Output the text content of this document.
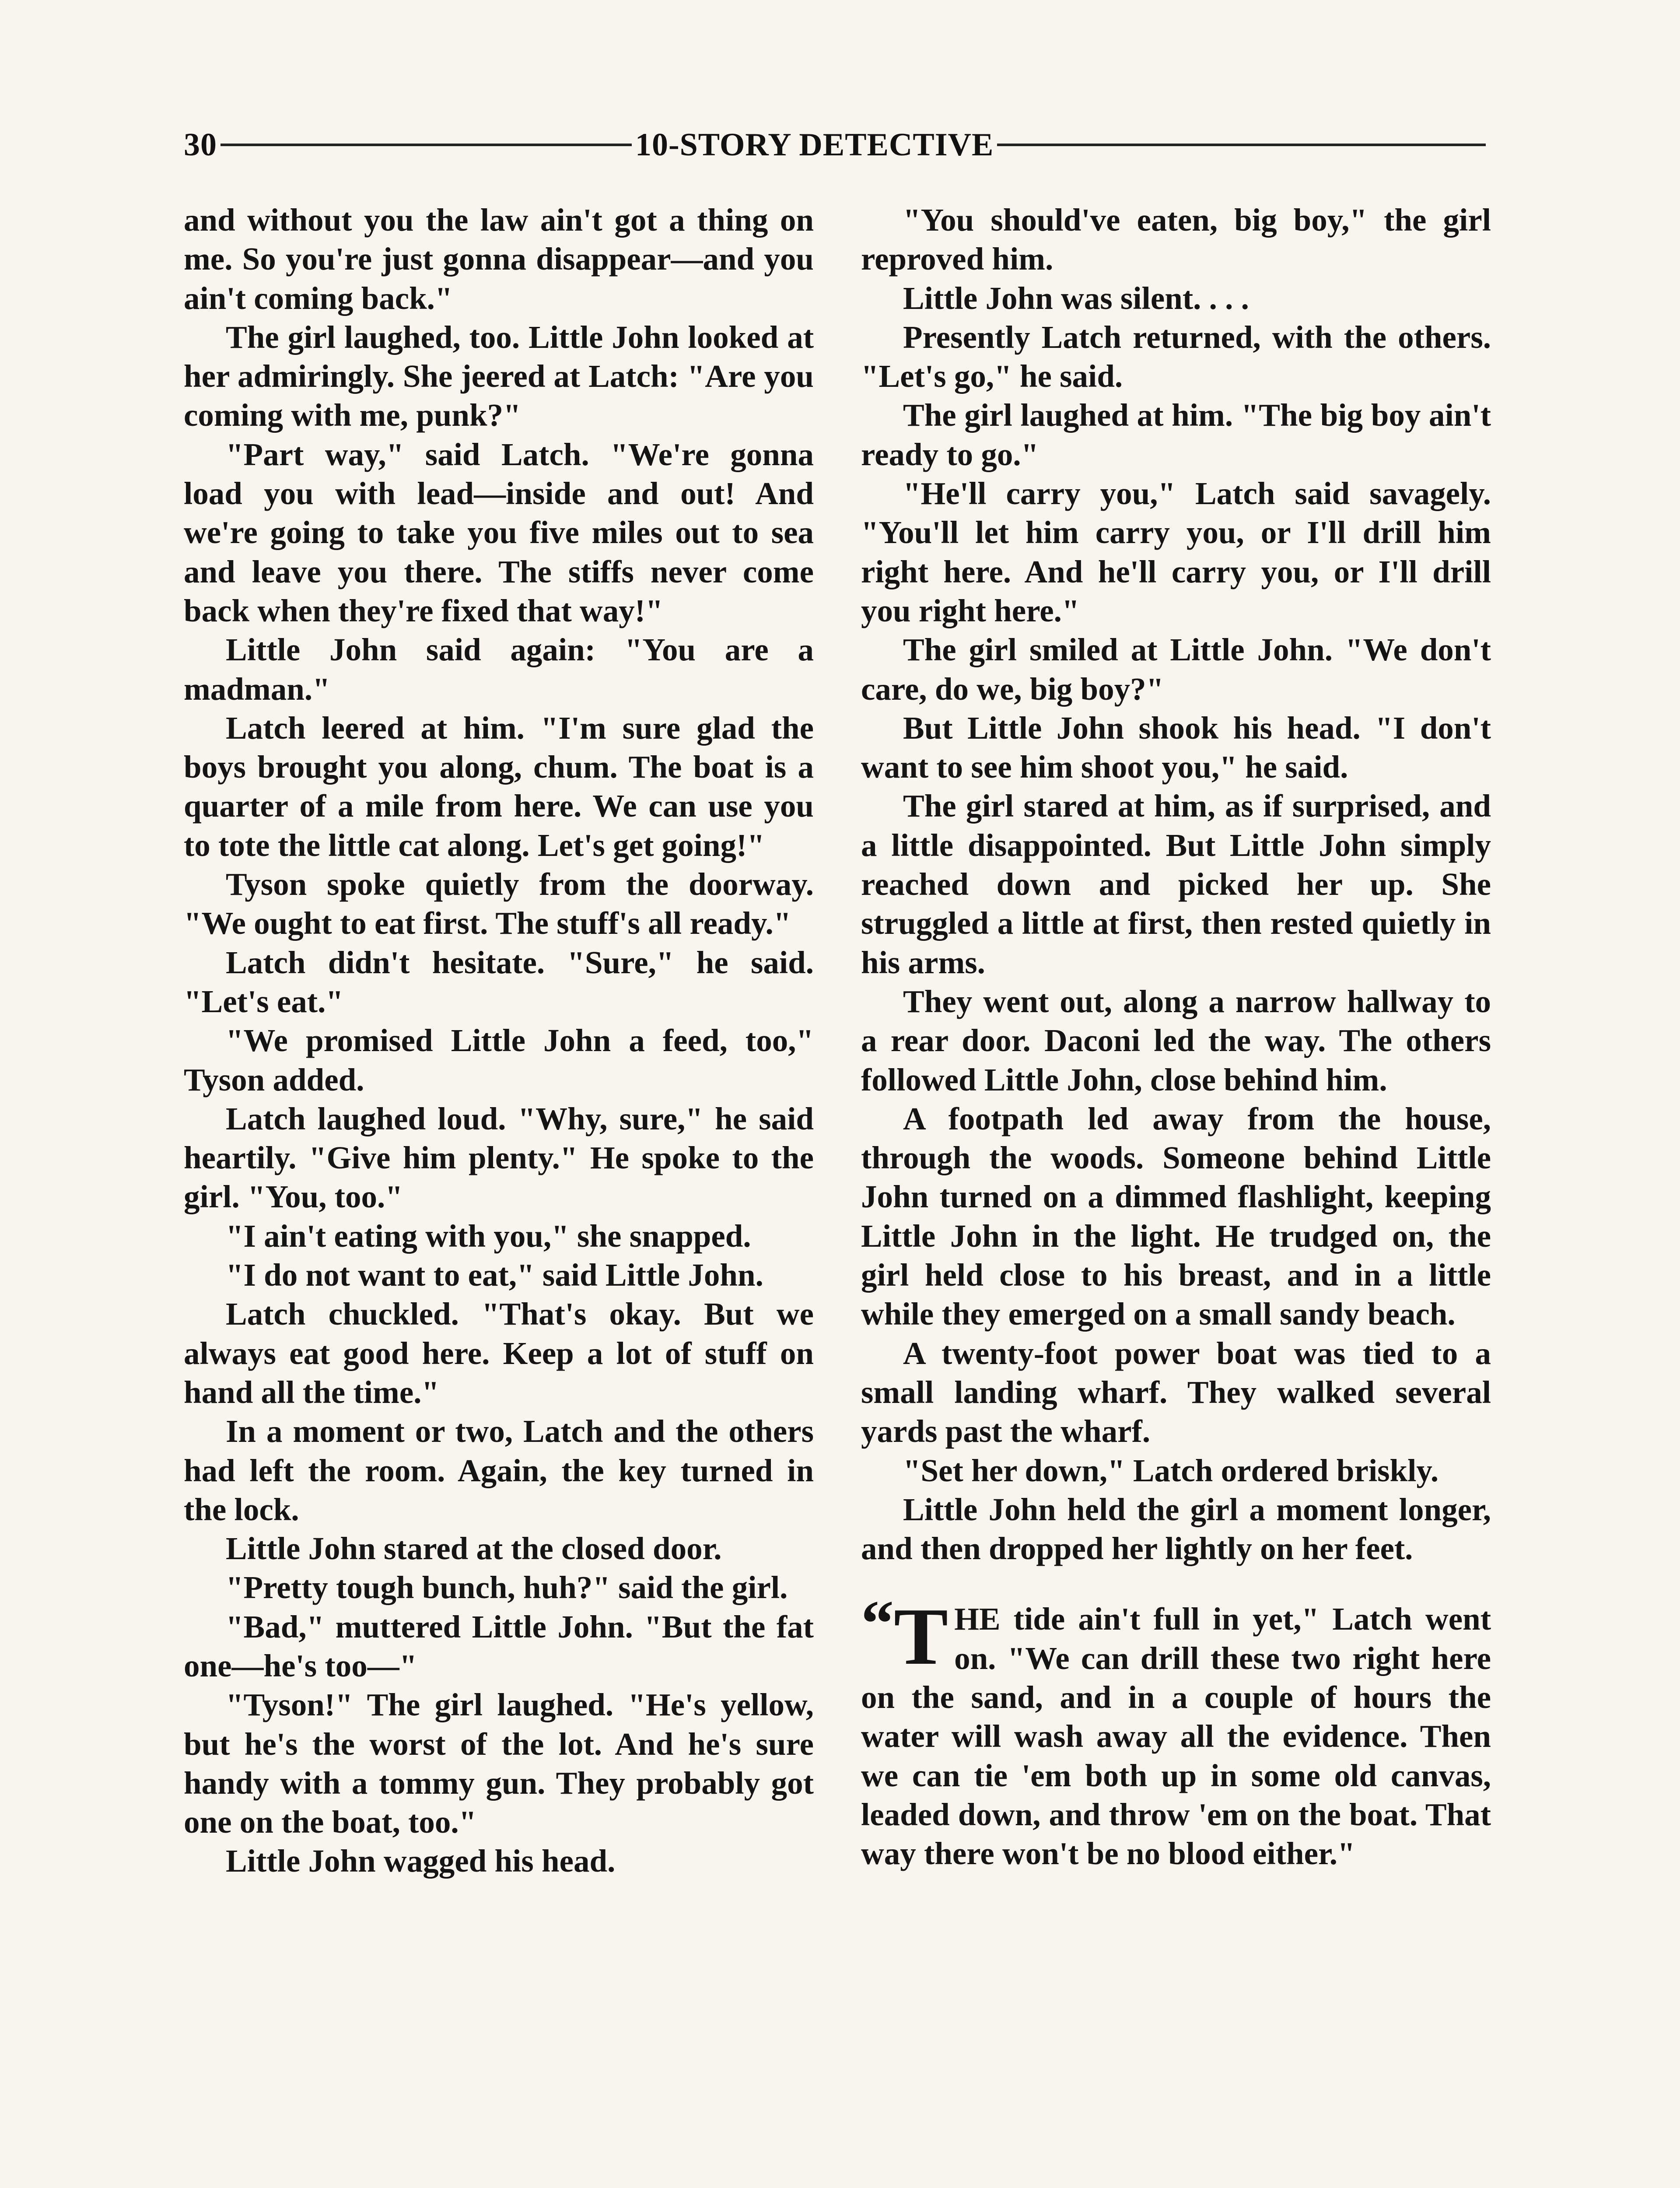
30	10-STORY DETECTIVE

and without you the law ain't got a thing on me. So you're just gonna disappear—and you ain't coming back."

The girl laughed, too. Little John looked at her admiringly. She jeered at Latch: "Are you coming with me, punk?"

"Part way," said Latch. "We're gonna load you with lead—inside and out! And we're going to take you five miles out to sea and leave you there. The stiffs never come back when they're fixed that way!"

Little John said again: "You are a madman."

Latch leered at him. "I'm sure glad the boys brought you along, chum. The boat is a quarter of a mile from here. We can use you to tote the little cat along. Let's get going!"

Tyson spoke quietly from the doorway. "We ought to eat first. The stuff's all ready."

Latch didn't hesitate. "Sure," he said. "Let's eat."

"We promised Little John a feed, too," Tyson added.

Latch laughed loud. "Why, sure," he said heartily. "Give him plenty." He spoke to the girl. "You, too."

"I ain't eating with you," she snapped.

"I do not want to eat," said Little John.

Latch chuckled. "That's okay. But we always eat good here. Keep a lot of stuff on hand all the time."

In a moment or two, Latch and the others had left the room. Again, the key turned in the lock.

Little John stared at the closed door.

"Pretty tough bunch, huh?" said the girl.

"Bad," muttered Little John. "But the fat one—he's too—"

"Tyson!" The girl laughed. "He's yellow, but he's the worst of the lot. And he's sure handy with a tommy gun. They probably got one on the boat, too."

Little John wagged his head.

"You should've eaten, big boy," the girl reproved him.

Little John was silent. . . .

Presently Latch returned, with the others. "Let's go," he said.

The girl laughed at him. "The big boy ain't ready to go."

"He'll carry you," Latch said savagely. "You'll let him carry you, or I'll drill him right here. And he'll carry you, or I'll drill you right here."

The girl smiled at Little John. "We don't care, do we, big boy?"

But Little John shook his head. "I don't want to see him shoot you," he said.

The girl stared at him, as if surprised, and a little disappointed. But Little John simply reached down and picked her up. She struggled a little at first, then rested quietly in his arms.

They went out, along a narrow hallway to a rear door. Daconi led the way. The others followed Little John, close behind him.

A footpath led away from the house, through the woods. Someone behind Little John turned on a dimmed flashlight, keeping Little John in the light. He trudged on, the girl held close to his breast, and in a little while they emerged on a small sandy beach.

A twenty-foot power boat was tied to a small landing wharf. They walked several yards past the wharf.

"Set her down," Latch ordered briskly.

Little John held the girl a moment longer, and then dropped her lightly on her feet.

“T HE tide ain't full in yet," Latch went on. "We can drill these two right here on the sand, and in a couple of hours the water will wash away all the evidence. Then we can tie 'em both up in some old canvas, leaded down, and throw 'em on the boat. That way there won't be no blood either."
